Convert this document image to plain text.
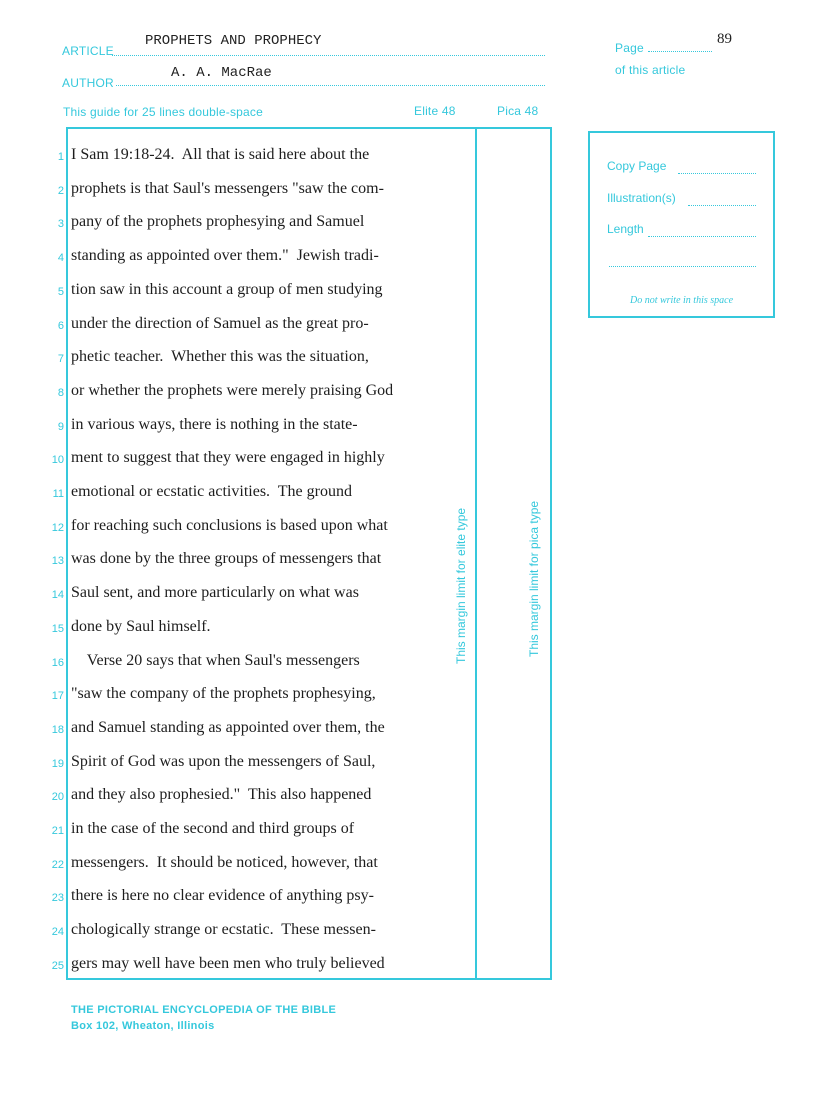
ARTICLE
PROPHETS AND PROPHECY
AUTHOR
A. A. MacRae
Page
89
of this article
This guide for 25 lines double-space	Elite 48	Pica 48
This margin limit for elite type	This margin limit for pica type
1 I Sam 19:18-24.  All that is said here about the
2 prophets is that Saul's messengers "saw the com-
3 pany of the prophets prophesying and Samuel
4 standing as appointed over them."  Jewish tradi-
5 tion saw in this account a group of men studying
6 under the direction of Samuel as the great pro-
7 phetic teacher.  Whether this was the situation,
8 or whether the prophets were merely praising God
9 in various ways, there is nothing in the state-
10 ment to suggest that they were engaged in highly
11 emotional or ecstatic activities.  The ground
12 for reaching such conclusions is based upon what
13 was done by the three groups of messengers that
14 Saul sent, and more particularly on what was
15 done by Saul himself.
16 Verse 20 says that when Saul's messengers
17 "saw the company of the prophets prophesying,
18 and Samuel standing as appointed over them, the
19 Spirit of God was upon the messengers of Saul,
20 and they also prophesied."  This also happened
21 in the case of the second and third groups of
22 messengers.  It should be noticed, however, that
23 there is here no clear evidence of anything psy-
24 chologically strange or ecstatic.  These messen-
25 gers may well have been men who truly believed
Copy Page
Illustration(s)
Length
Do not write in this space
THE PICTORIAL ENCYCLOPEDIA OF THE BIBLE
Box 102, Wheaton, Illinois
